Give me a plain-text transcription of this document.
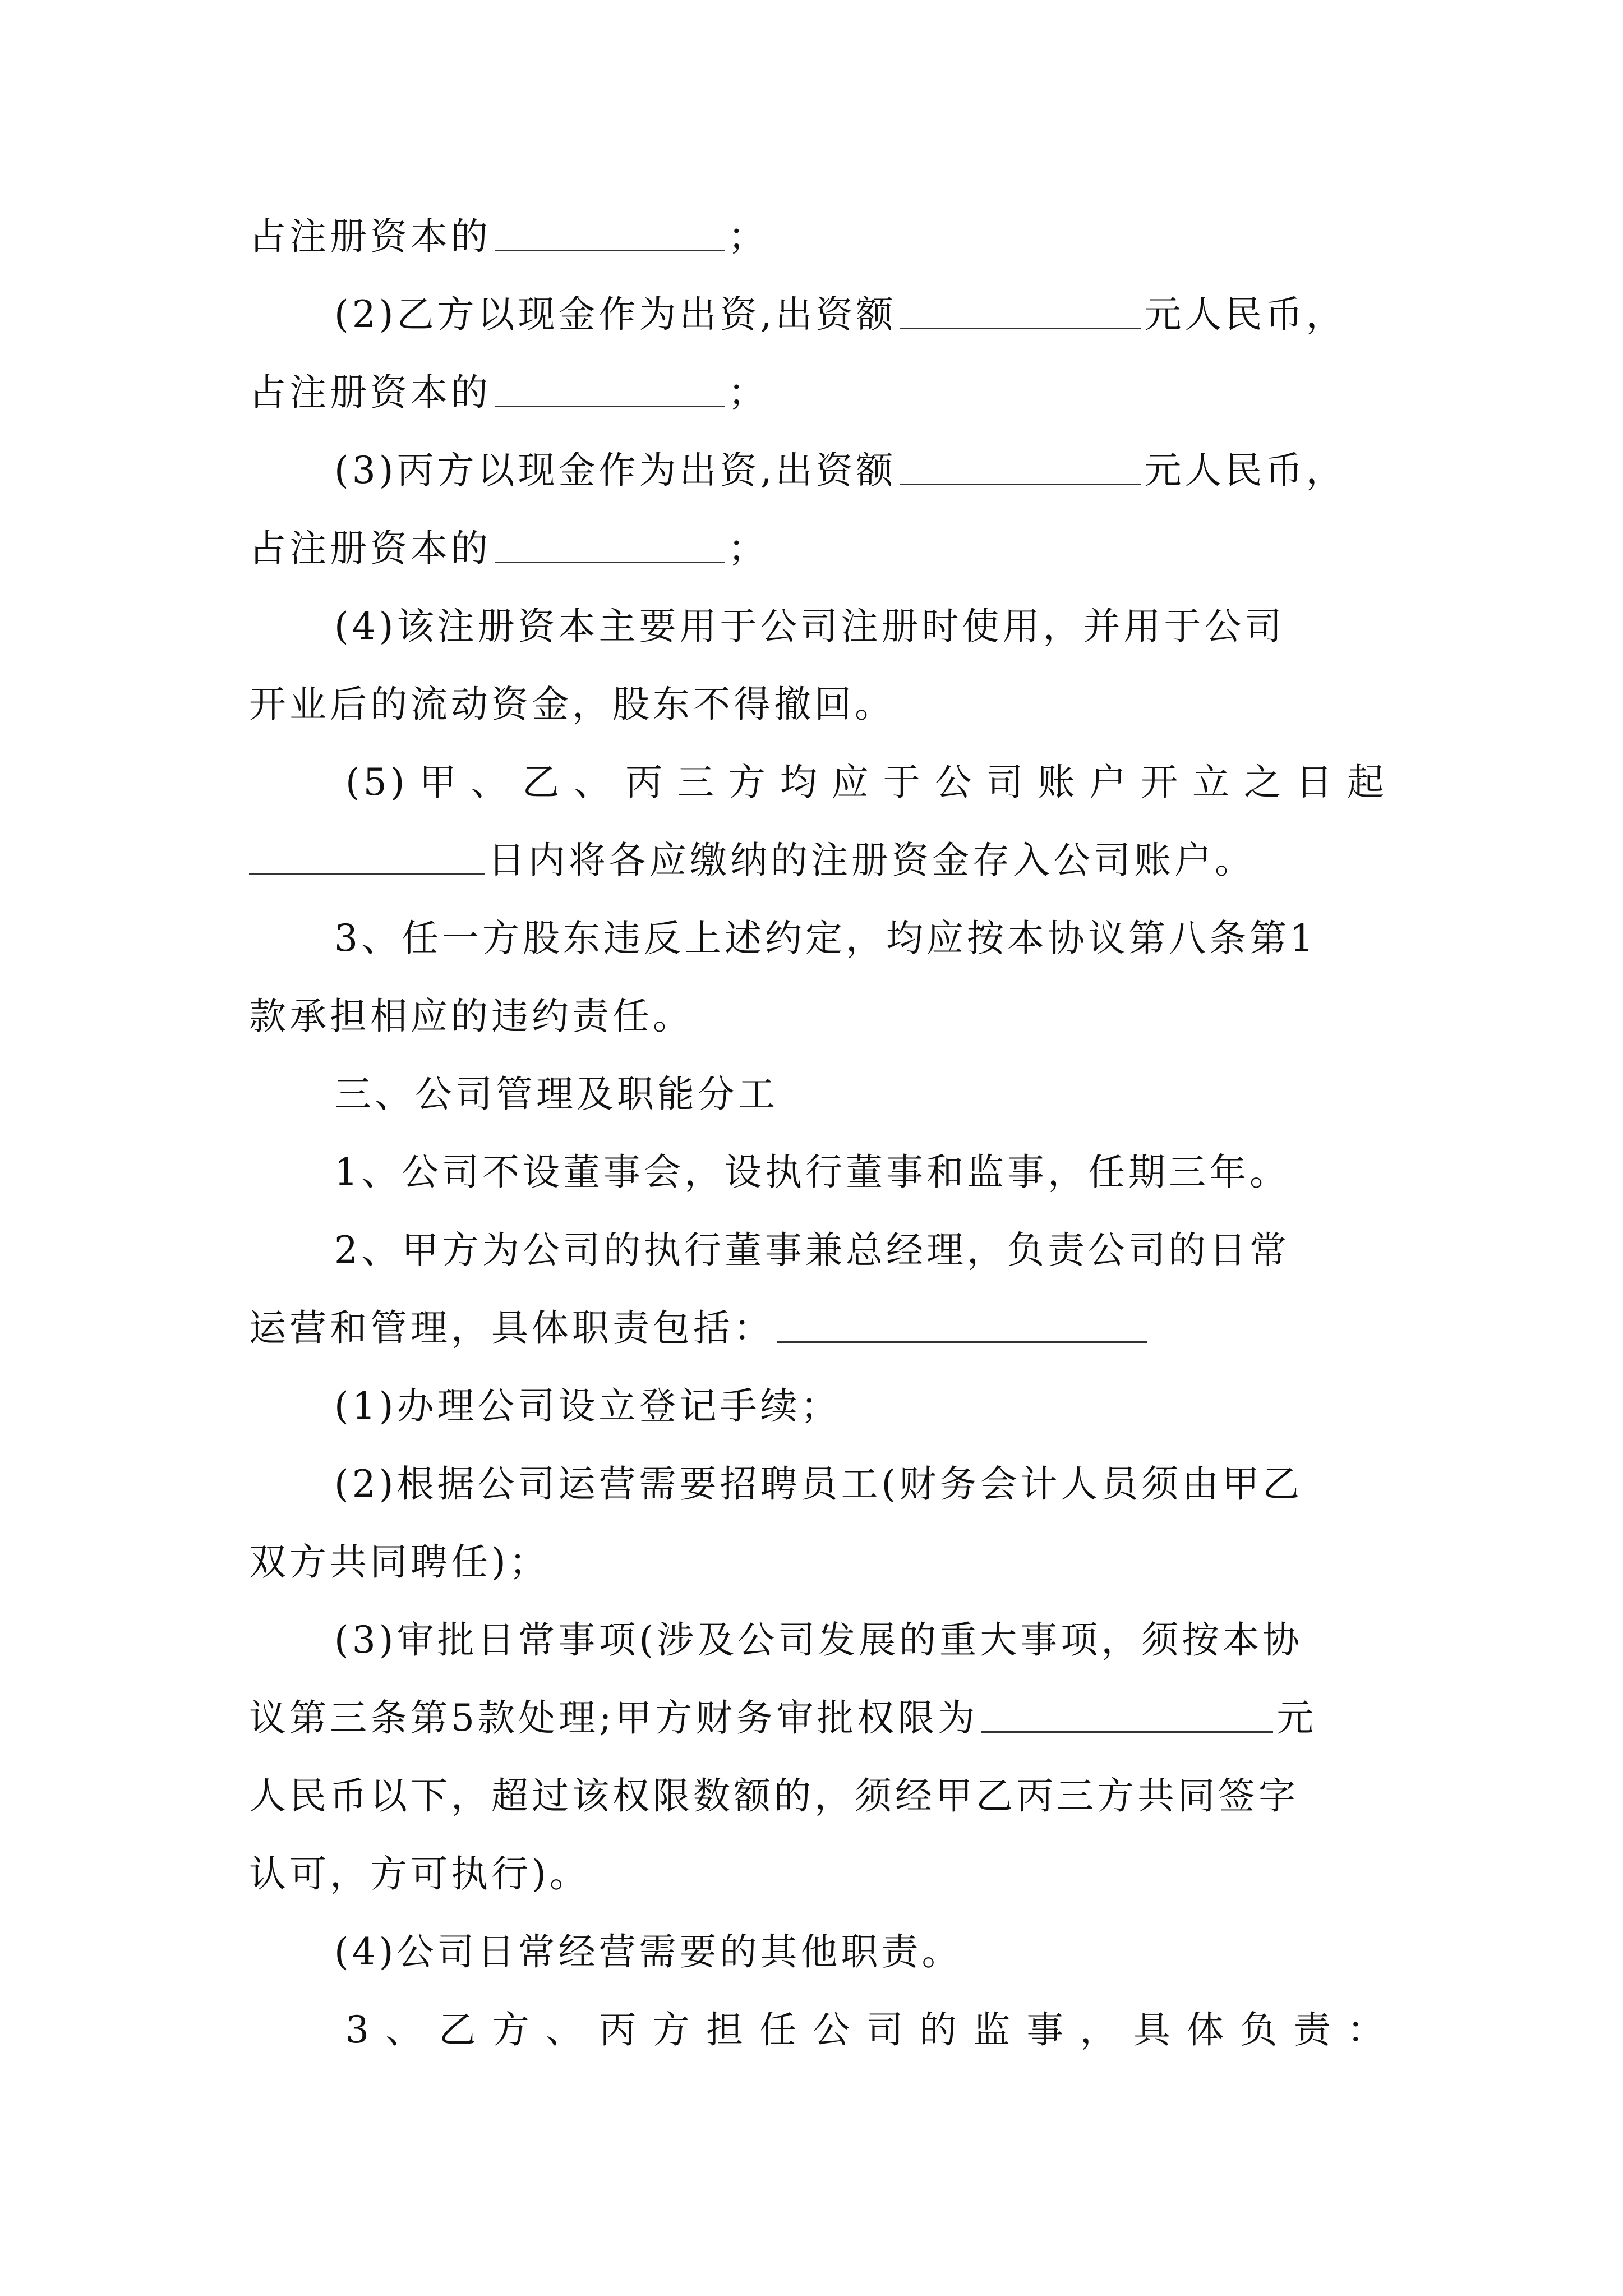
占注册资本的	；
(2)乙方以现金作为出资,出资额	元人民币，
占注册资本的	；
(3)丙方以现金作为出资,出资额	元人民币，
占注册资本的	；
(4)该注册资本主要用于公司注册时使用，并用于公司
开业后的流动资金，股东不得撤回。
(5)甲、乙、丙三方均应于公司账户开立之日起
日内将各应缴纳的注册资金存入公司账户。
3、任一方股东违反上述约定，均应按本协议第八条第1
款承担相应的违约责任。
三、公司管理及职能分工
1、公司不设董事会，设执行董事和监事，任期三年。
2、甲方为公司的执行董事兼总经理，负责公司的日常
运营和管理，具体职责包括：
(1)办理公司设立登记手续；
(2)根据公司运营需要招聘员工(财务会计人员须由甲乙
双方共同聘任)；
(3)审批日常事项(涉及公司发展的重大事项，须按本协
议第三条第5款处理;甲方财务审批权限为	元
人民币以下，超过该权限数额的，须经甲乙丙三方共同签字
认可，方可执行)。
(4)公司日常经营需要的其他职责。
3、乙方、丙方担任公司的监事，具体负责：
